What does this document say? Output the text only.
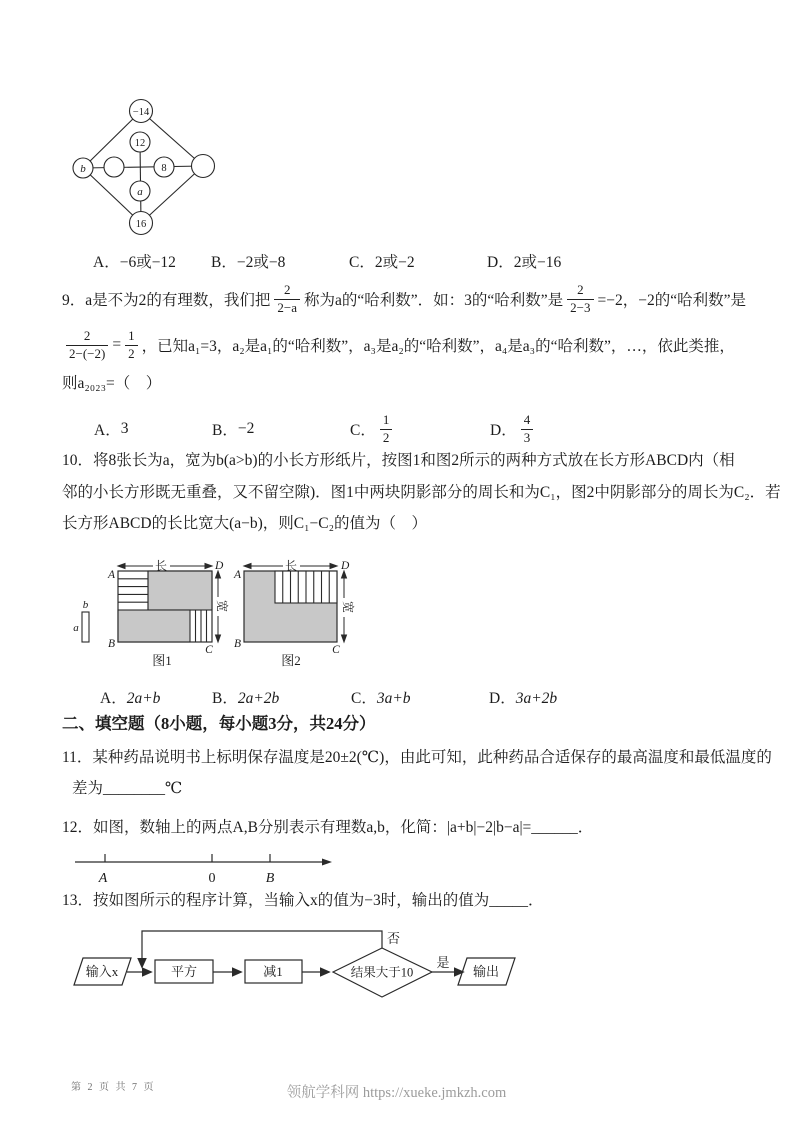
−14
12
b	8
a
16
A．−6或−12 B．−2或−8	C．2或−2	D．2或−16
9．a是不为2的有理数，我们把 $\frac{2}{2-a}$ 称为a的“哈利数”．如：3的“哈利数”是 $\frac{2}{2-3} =-2$，−2的“哈利数”是
$\frac{2}{2-(-2)} = \frac{1}{2}$ ，已知a₁=3，a₂是a₁的“哈利数”，a₃是a₂的“哈利数”，a₄是a₃的“哈利数”，…，依此类推，
则a₂₀₂₃=（　）
A． 3	B． −2	C． $\frac{1}{2}$	D． $\frac{4}{3}$
10．将8张长为a，宽为b(a>b)的小长方形纸片，按图1和图2所示的两种方式放在长方形ABCD内（相
邻的小长方形既无重叠，又不留空隙)．图1中两块阴影部分的周长和为C₁，图2中阴影部分的周长为C₂．若
长方形ABCD的长比宽大(a−b)，则C₁−C₂的值为（　）
b
a
长
宽
A
D
B	C
图1
长
宽
A
D
B	C
图2
A．2a+b	B．2a+2b	C．3a+b	D．3a+2b
二、填空题（8小题，每小题3分，共24分）
11．某种药品说明书上标明保存温度是20±2(℃)，由此可知，此种药品合适保存的最高温度和最低温度的
差为________℃
12．如图，数轴上的两点A,B分别表示有理数a,b，化简：|a+b|−2|b−a|=______．
A	0	B
13．按如图所示的程序计算，当输入x的值为−3时，输出的值为_____．
输入x	平方	减1	结果大于10
否
是
输出
第 2 页 共 7 页	领航学科网 https://xueke.jmkzh.com
